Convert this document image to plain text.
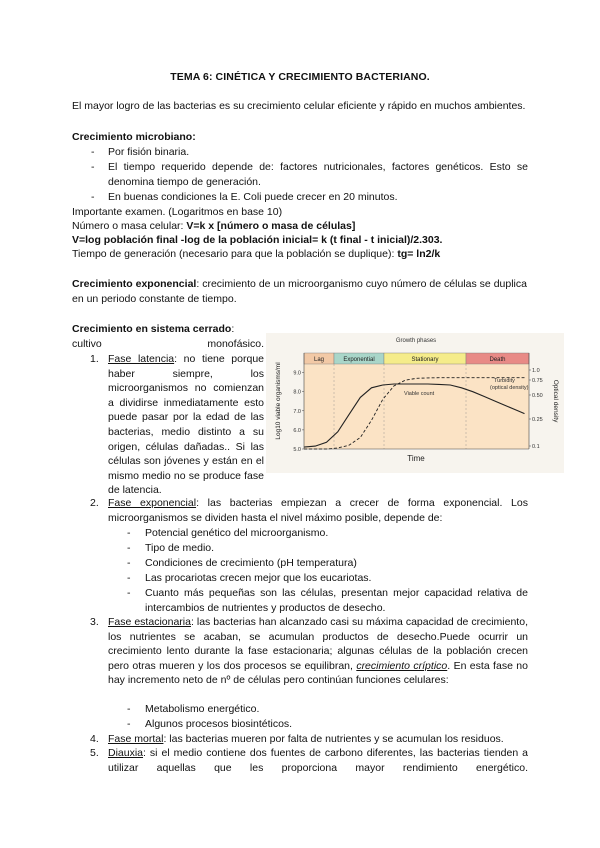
TEMA 6: CINÉTICA Y CRECIMIENTO BACTERIANO.
El mayor logro de las bacterias es su crecimiento celular eficiente y rápido en muchos ambientes.
Crecimiento microbiano:
- Por fisión binaria.
- El tiempo requerido depende de: factores nutricionales, factores genéticos. Esto se denomina tiempo de generación.
- En buenas condiciones la E. Coli puede crecer en 20 minutos.
Importante examen. (Logaritmos en base 10)
Número o masa celular: V=k x [número o masa de células]
V=log población final -log de la población inicial= k (t final - t inicial)/2.303.
Tiempo de generación (necesario para que la población se duplique): tg= ln2/k
Crecimiento exponencial: crecimiento de un microorganismo cuyo número de células se duplica en un periodo constante de tiempo.
Crecimiento en sistema cerrado: cultivo monofásico.
1. Fase latencia: no tiene porque haber siempre, los microorganismos no comienzan a dividirse inmediatamente esto puede pasar por la edad de las bacterias, medio distinto a su origen, células dañadas.. Si las células son jóvenes y están en el mismo medio no se produce fase de latencia.
Lag	Exponential	Stationary	Death
Growth phases
5.0
6.0
7.0
8.0
9.0
0.1
0.25
0.50
0.75
1.0
Viable count
Turbidity
(optical density)
Time
Log10 viable organisms/ml	Optical density
2. Fase exponencial: las bacterias empiezan a crecer de forma exponencial. Los microorganismos se dividen hasta el nivel máximo posible, depende de:
- Potencial genético del microorganismo.
- Tipo de medio.
- Condiciones de crecimiento (pH temperatura)
- Las procariotas crecen mejor que los eucariotas.
- Cuanto más pequeñas son las células, presentan mejor capacidad relativa de intercambios de nutrientes y productos de desecho.
3. Fase estacionaria: las bacterias han alcanzado casi su máxima capacidad de crecimiento, los nutrientes se acaban, se acumulan productos de desecho.Puede ocurrir un crecimiento lento durante la fase estacionaria; algunas células de la población crecen pero otras mueren y los dos procesos se equilibran, crecimiento críptico. En esta fase no hay incremento neto de nº de células pero continúan funciones celulares:
- Metabolismo energético.
- Algunos procesos biosintéticos.
4. Fase mortal: las bacterias mueren por falta de nutrientes y se acumulan los residuos.
5. Diauxia: si el medio contiene dos fuentes de carbono diferentes, las bacterias tienden a utilizar aquellas que les proporciona mayor rendimiento energético.
